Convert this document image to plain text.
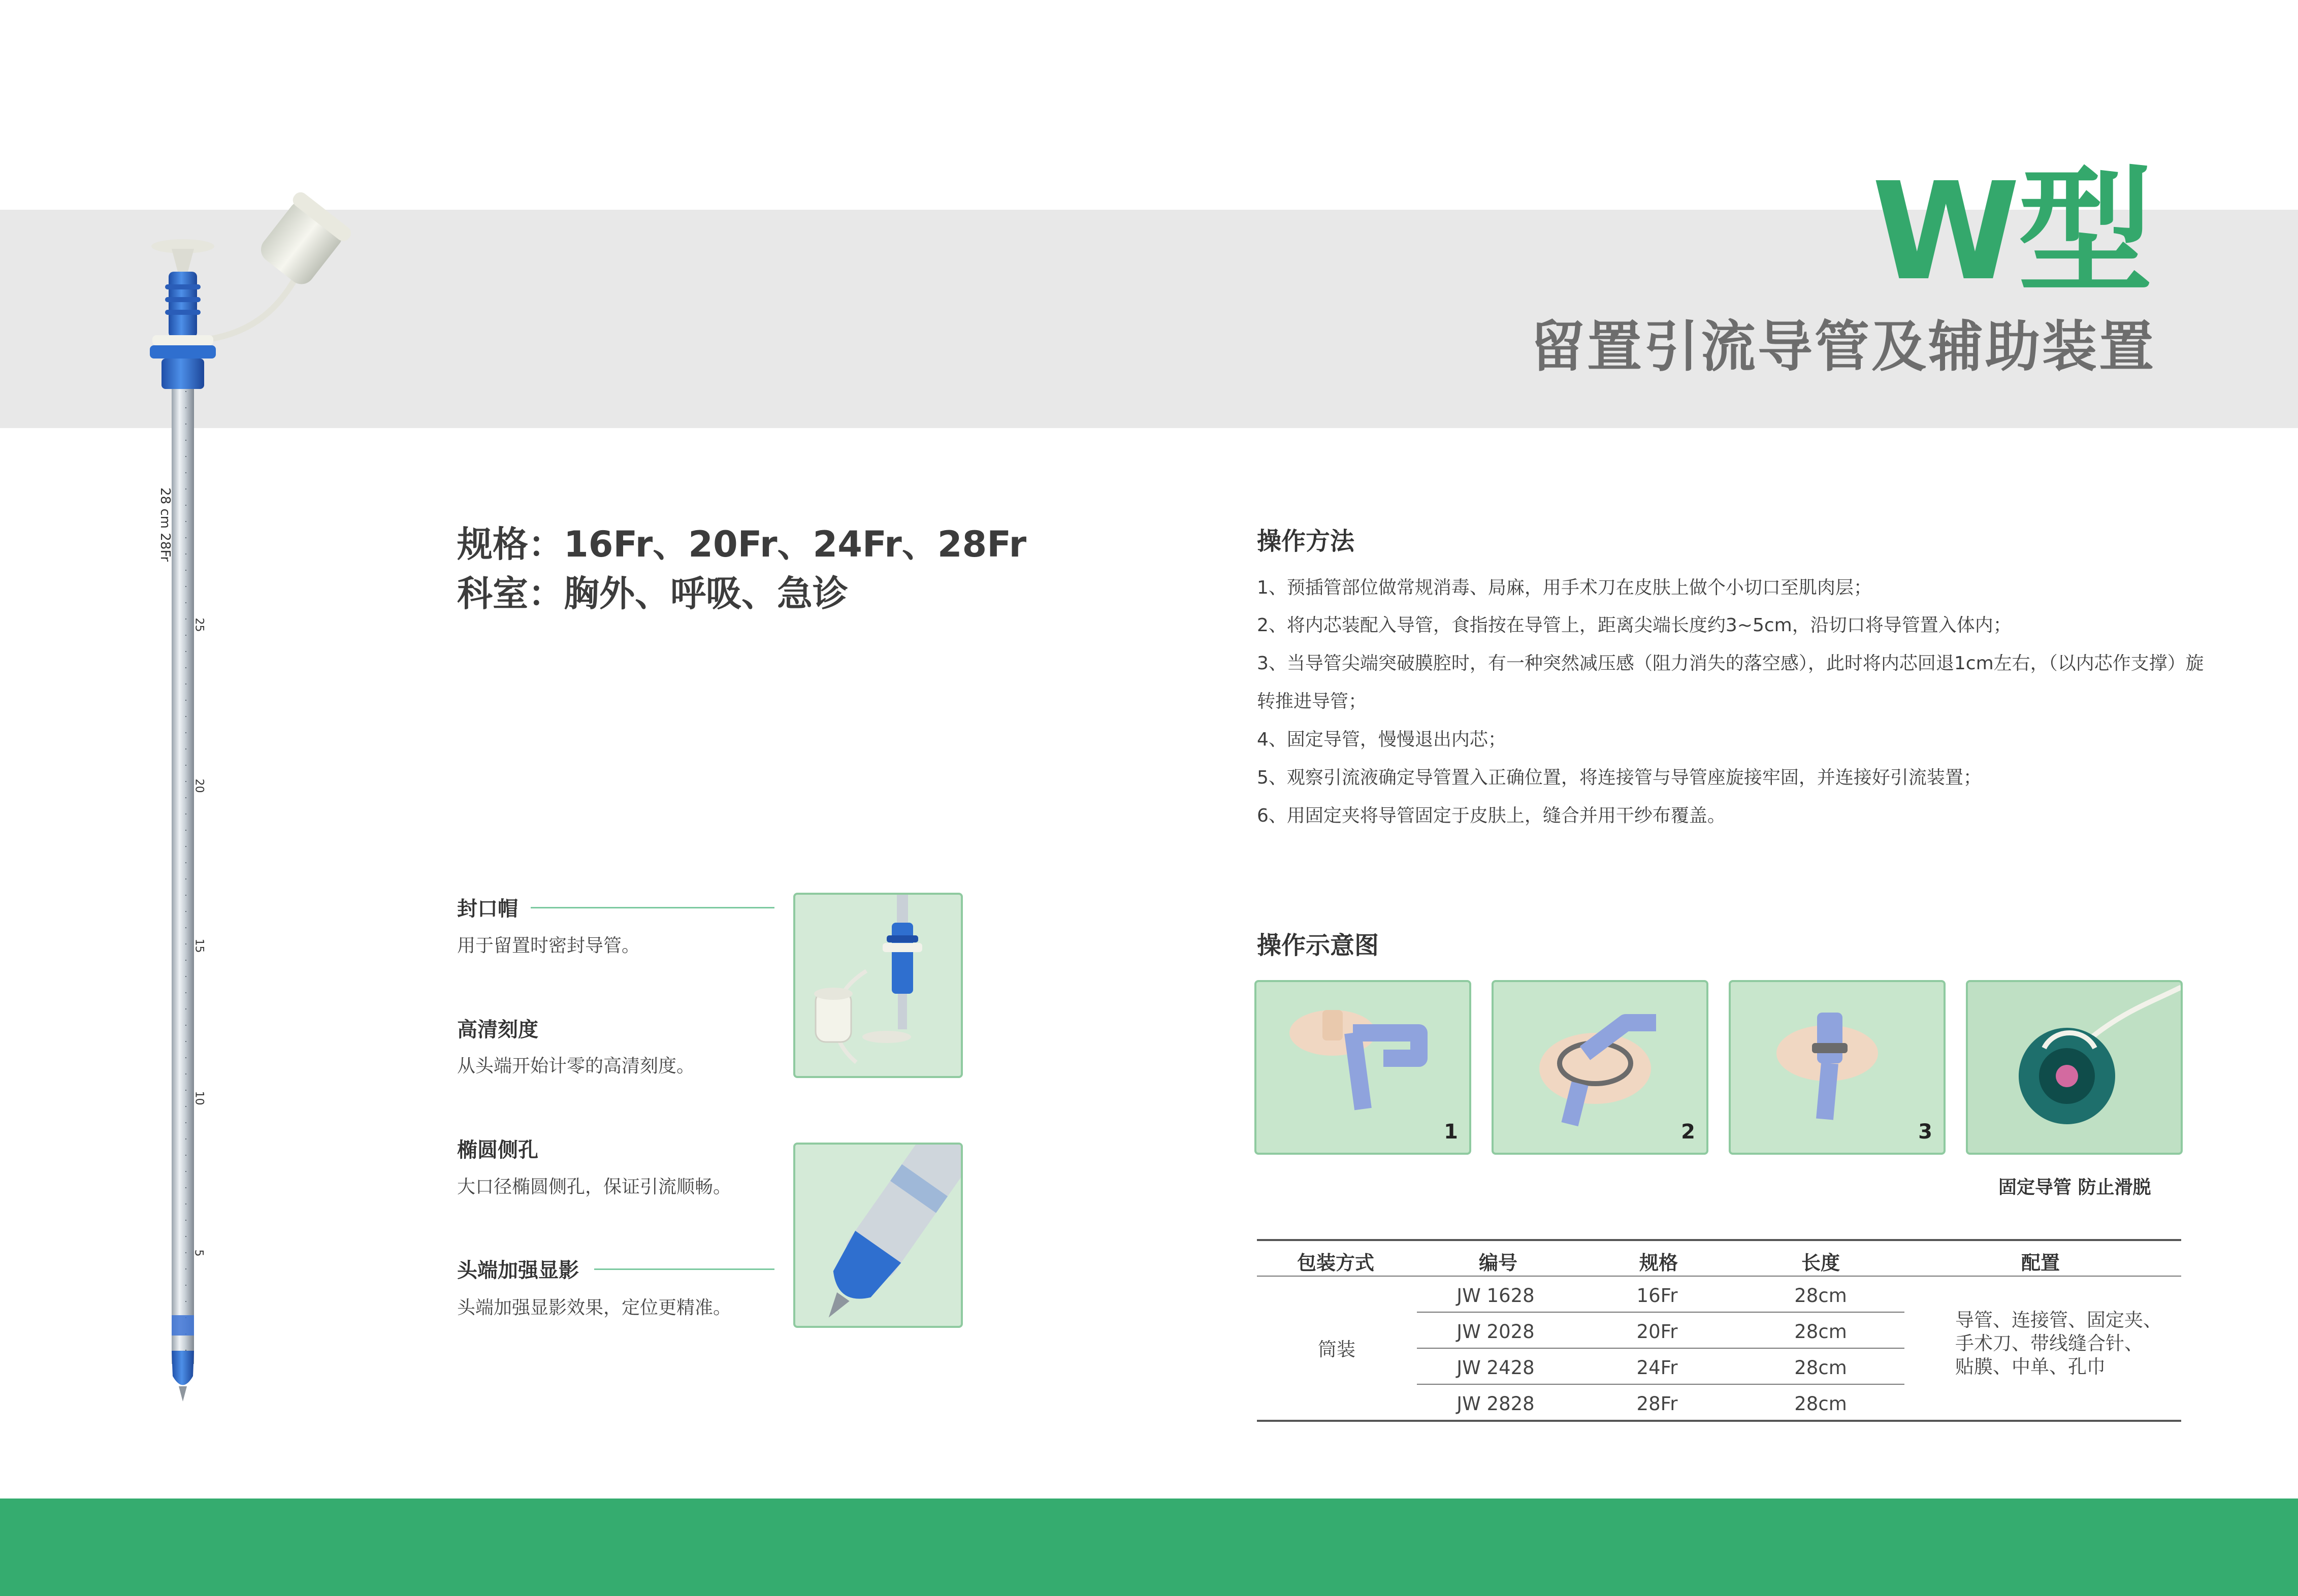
W型
留置引流导管及辅助装置
28 cm 28Fr
25
20
15
10
5
规格：16Fr、20Fr、24Fr、28Fr
科室：胸外、呼吸、急诊
封口帽
用于留置时密封导管。
高清刻度
从头端开始计零的高清刻度。
椭圆侧孔
大口径椭圆侧孔，保证引流顺畅。
头端加强显影
头端加强显影效果，定位更精准。
操作方法
1、预插管部位做常规消毒、局麻，用手术刀在皮肤上做个小切口至肌肉层；
2、将内芯装配入导管，食指按在导管上，距离尖端长度约3~5cm，沿切口将导管置入体内；
3、当导管尖端突破膜腔时，有一种突然减压感（阻力消失的落空感），此时将内芯回退1cm左右，（以内芯作支撑）旋
转推进导管；
4、固定导管，慢慢退出内芯；
5、观察引流液确定导管置入正确位置，将连接管与导管座旋接牢固，并连接好引流装置；
6、用固定夹将导管固定于皮肤上，缝合并用干纱布覆盖。
操作示意图
1	2	3
固定导管 防止滑脱
包装方式	编号	规格	长度	配置
筒装
JW 1628	16Fr	28cm
JW 2028	20Fr	28cm
JW 2428	24Fr	28cm
JW 2828	28Fr	28cm
导管、连接管、固定夹、
手术刀、带线缝合针、
贴膜、中单、孔巾
